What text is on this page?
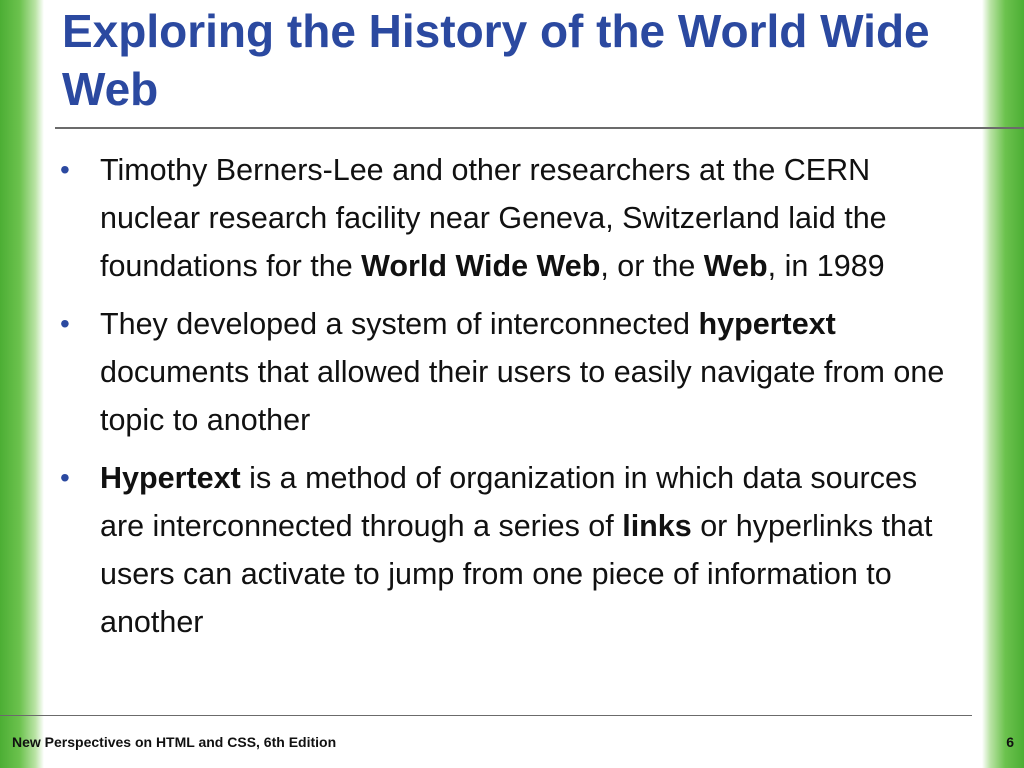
Exploring the History of the World Wide Web
• Timothy Berners-Lee and other researchers at the CERN nuclear research facility near Geneva, Switzerland laid the foundations for the World Wide Web, or the Web, in 1989
• They developed a system of interconnected hypertext documents that allowed their users to easily navigate from one topic to another
• Hypertext is a method of organization in which data sources are interconnected through a series of links or hyperlinks that users can activate to jump from one piece of information to another
New Perspectives on HTML and CSS, 6th Edition	6
